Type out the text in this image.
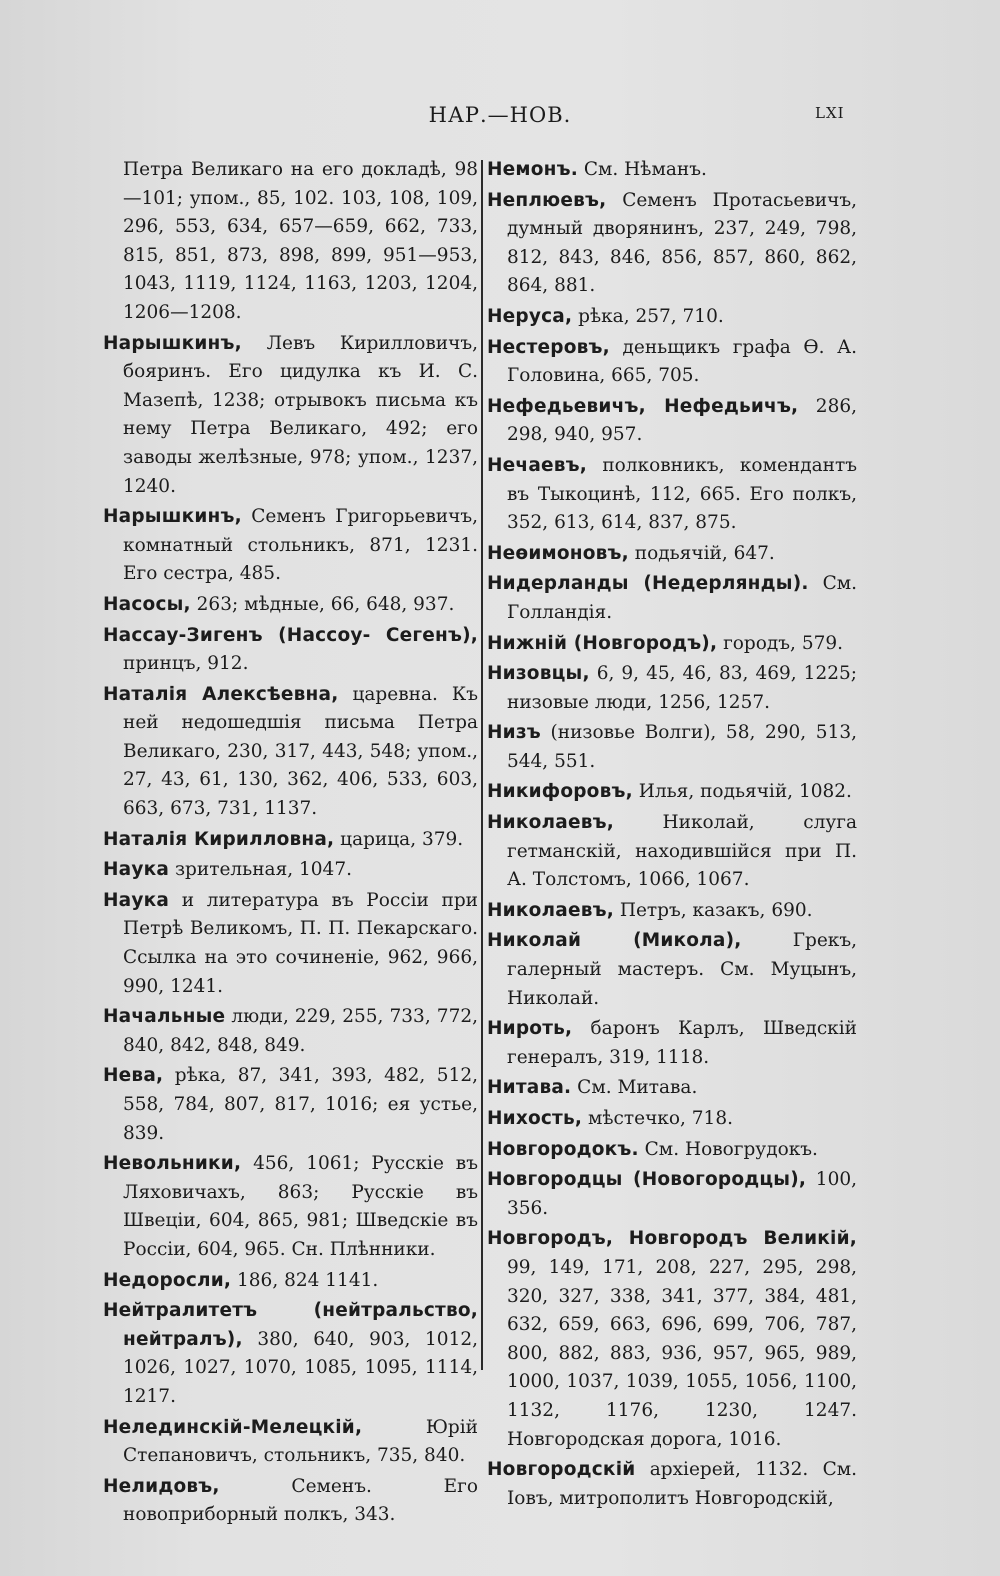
НАР.—НОВ.	LXI

Петра Великаго на его докладѣ, 98—101; упом., 85, 102. 103, 108, 109, 296, 553, 634, 657—659, 662, 733, 815, 851, 873, 898, 899, 951—953, 1043, 1119, 1124, 1163, 1203, 1204, 1206—1208.

Нарышкинъ, Левъ Кирилловичъ, бояринъ. Его цидулка къ И. С. Мазепѣ, 1238; отрывокъ письма къ нему Петра Великаго, 492; его заводы желѣзные, 978; упом., 1237, 1240.

Нарышкинъ, Семенъ Григорьевичъ, комнатный стольникъ, 871, 1231. Его сестра, 485.

Насосы, 263; мѣдные, 66, 648, 937.

Нассау-Зигенъ (Нассоу- Сегенъ), принцъ, 912.

Наталія Алексѣевна, царевна. Къ ней недошедшія письма Петра Великаго, 230, 317, 443, 548; упом., 27, 43, 61, 130, 362, 406, 533, 603, 663, 673, 731, 1137.

Наталія Кирилловна, царица, 379.

Наука зрительная, 1047.

Наука и литература въ Россіи при Петрѣ Великомъ, П. П. Пекарскаго. Ссылка на это сочиненіе, 962, 966, 990, 1241.

Начальные люди, 229, 255, 733, 772, 840, 842, 848, 849.

Нева, рѣка, 87, 341, 393, 482, 512, 558, 784, 807, 817, 1016; ея устье, 839.

Невольники, 456, 1061; Русскіе въ Ляховичахъ, 863; Русскіе въ Швеціи, 604, 865, 981; Шведскіе въ Россіи, 604, 965. Сн. Плѣнники.

Недоросли, 186, 824 1141.

Нейтралитетъ (нейтральство, нейтралъ), 380, 640, 903, 1012, 1026, 1027, 1070, 1085, 1095, 1114, 1217.

Нелединскій-Мелецкій, Юрій Степановичъ, стольникъ, 735, 840.

Нелидовъ, Семенъ. Его новоприборный полкъ, 343.

Немонъ. См. Нѣманъ.

Неплюевъ, Семенъ Протасьевичъ, думный дворянинъ, 237, 249, 798, 812, 843, 846, 856, 857, 860, 862, 864, 881.

Неруса, рѣка, 257, 710.

Нестеровъ, деньщикъ графа Ѳ. А. Головина, 665, 705.

Нефедьевичъ, Нефедьичъ, 286, 298, 940, 957.

Нечаевъ, полковникъ, комендантъ въ Тыкоцинѣ, 112, 665. Его полкъ, 352, 613, 614, 837, 875.

Неѳимоновъ, подьячій, 647.

Нидерланды (Недерлянды). См. Голландія.

Нижній (Новгородъ), городъ, 579.

Низовцы, 6, 9, 45, 46, 83, 469, 1225; низовые люди, 1256, 1257.

Низъ (низовье Волги), 58, 290, 513, 544, 551.

Никифоровъ, Илья, подьячій, 1082.

Николаевъ, Николай, слуга гетманскій, находившійся при П. А. Толстомъ, 1066, 1067.

Николаевъ, Петръ, казакъ, 690.

Николай (Микола), Грекъ, галерный мастеръ. См. Муцынъ, Николай.

Нироть, баронъ Карлъ, Шведскій генералъ, 319, 1118.

Нитава. См. Митава.

Нихость, мѣстечко, 718.

Новгородокъ. См. Новогрудокъ.

Новгородцы (Новогородцы), 100, 356.

Новгородъ, Новгородъ Великій, 99, 149, 171, 208, 227, 295, 298, 320, 327, 338, 341, 377, 384, 481, 632, 659, 663, 696, 699, 706, 787, 800, 882, 883, 936, 957, 965, 989, 1000, 1037, 1039, 1055, 1056, 1100, 1132, 1176, 1230, 1247. Новгородская дорога, 1016.

Новгородскій архіерей, 1132. См. Іовъ, митрополитъ Новгородскій,
